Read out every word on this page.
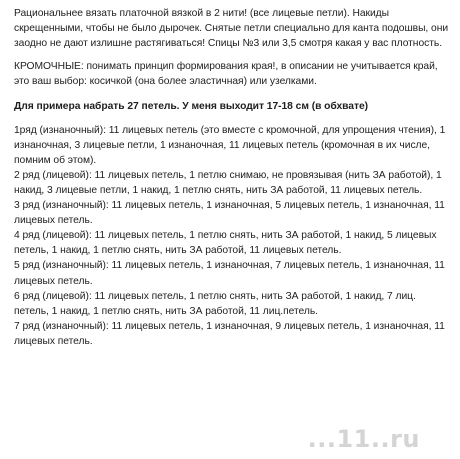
Рациональнее вязать платочной вязкой в 2 нити! (все лицевые петли). Накиды скрещенными, чтобы не было дырочек. Снятые петли специально для канта подошвы, они заодно не дают излишне растягиваться! Спицы №3 или 3,5 смотря какая у вас плотность.

КРОМОЧНЫЕ: понимать принцип формирования края!, в описании не учитывается край, это ваш выбор: косичкой (она более эластичная) или узелками.

Для примера набрать 27 петель. У меня выходит 17-18 см (в обхвате)

1ряд (изнаночный): 11 лицевых петель (это вместе с кромочной, для упрощения чтения), 1 изнаночная, 3 лицевые петли, 1 изнаночная, 11 лицевых петель (кромочная в их числе, помним об этом).

2 ряд (лицевой): 11 лицевых петель, 1 петлю снимаю, не провязывая (нить ЗА работой), 1 накид, 3 лицевые петли, 1 накид, 1 петлю снять, нить ЗА работой, 11 лицевых петель.

3 ряд (изнаночный): 11 лицевых петель, 1 изнаночная, 5 лицевых петель, 1 изнаночная, 11 лицевых петель.

4 ряд (лицевой): 11 лицевых петель, 1 петлю снять, нить ЗА работой, 1 накид, 5 лицевых петель, 1 накид, 1 петлю снять, нить ЗА работой, 11 лицевых петель.

5 ряд (изнаночный): 11 лицевых петель, 1 изнаночная, 7 лицевых петель, 1 изнаночная, 11 лицевых петель.

6 ряд (лицевой): 11 лицевых петель, 1 петлю снять, нить ЗА работой, 1 накид, 7 лиц. петель, 1 накид, 1 петлю снять, нить ЗА работой, 11 лиц.петель.

7 ряд (изнаночный): 11 лицевых петель, 1 изнаночная, 9 лицевых петель, 1 изнаночная, 11 лицевых петель.

...11..ru
